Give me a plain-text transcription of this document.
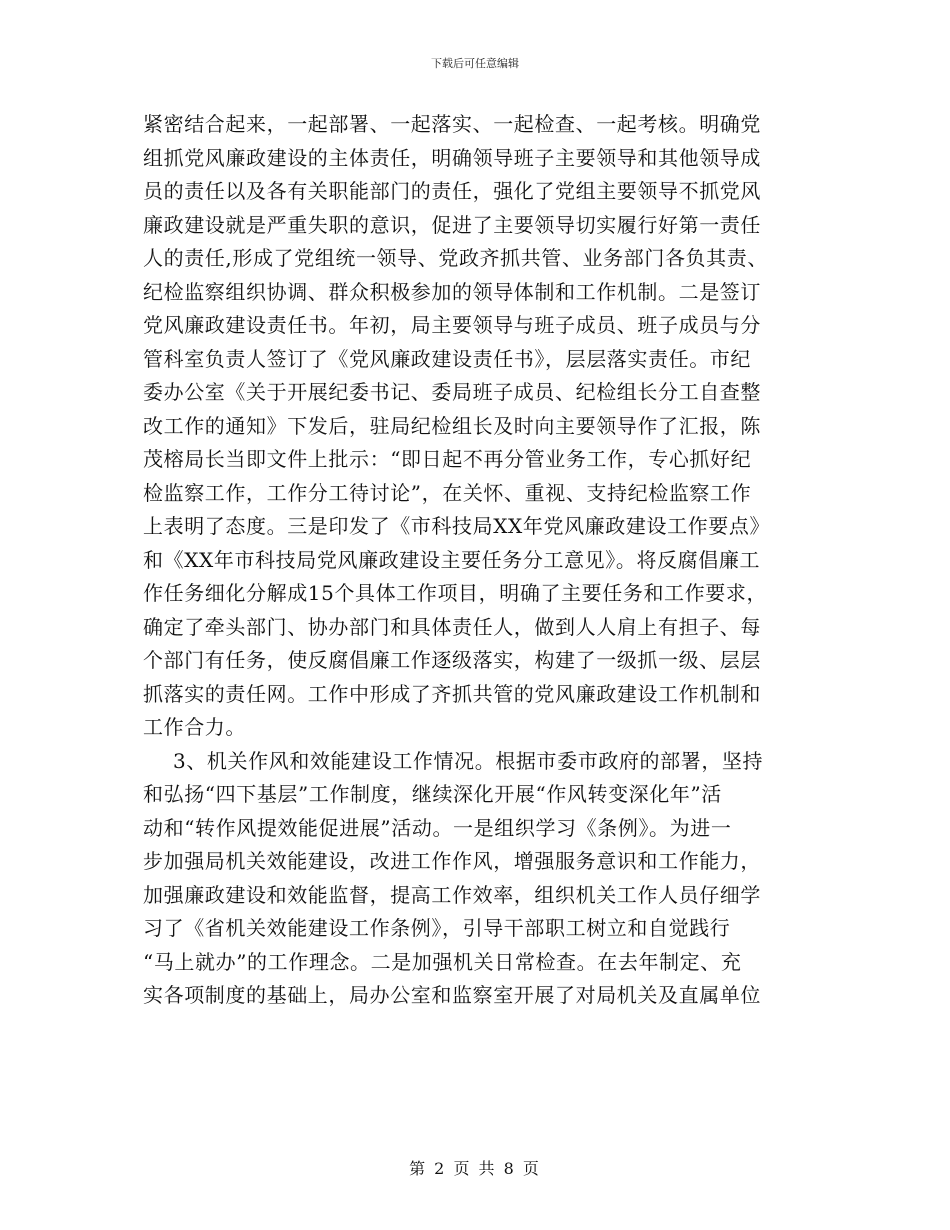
下载后可任意编辑
紧密结合起来，一起部署、一起落实、一起检查、一起考核。明确党
组抓党风廉政建设的主体责任，明确领导班子主要领导和其他领导成
员的责任以及各有关职能部门的责任，强化了党组主要领导不抓党风
廉政建设就是严重失职的意识，促进了主要领导切实履行好第一责任
人的责任,形成了党组统一领导、党政齐抓共管、业务部门各负其责、
纪检监察组织协调、群众积极参加的领导体制和工作机制。二是签订
党风廉政建设责任书。年初，局主要领导与班子成员、班子成员与分
管科室负责人签订了《党风廉政建设责任书》，层层落实责任。市纪
委办公室《关于开展纪委书记、委局班子成员、纪检组长分工自查整
改工作的通知》下发后，驻局纪检组长及时向主要领导作了汇报，陈
茂榕局长当即文件上批示：“即日起不再分管业务工作，专心抓好纪
检监察工作，工作分工待讨论”，在关怀、重视、支持纪检监察工作
上表明了态度。三是印发了《市科技局XX年党风廉政建设工作要点》
和《XX年市科技局党风廉政建设主要任务分工意见》。将反腐倡廉工
作任务细化分解成15个具体工作项目，明确了主要任务和工作要求，
确定了牵头部门、协办部门和具体责任人，做到人人肩上有担子、每
个部门有任务，使反腐倡廉工作逐级落实，构建了一级抓一级、层层
抓落实的责任网。工作中形成了齐抓共管的党风廉政建设工作机制和
工作合力。
3、机关作风和效能建设工作情况。根据市委市政府的部署，坚持
和弘扬“四下基层”工作制度，继续深化开展“作风转变深化年”活
动和“转作风提效能促进展”活动。一是组织学习《条例》。为进一
步加强局机关效能建设，改进工作作风，增强服务意识和工作能力，
加强廉政建设和效能监督，提高工作效率，组织机关工作人员仔细学
习了《省机关效能建设工作条例》，引导干部职工树立和自觉践行
“马上就办”的工作理念。二是加强机关日常检查。在去年制定、充
实各项制度的基础上，局办公室和监察室开展了对局机关及直属单位
第 2 页 共 8 页
